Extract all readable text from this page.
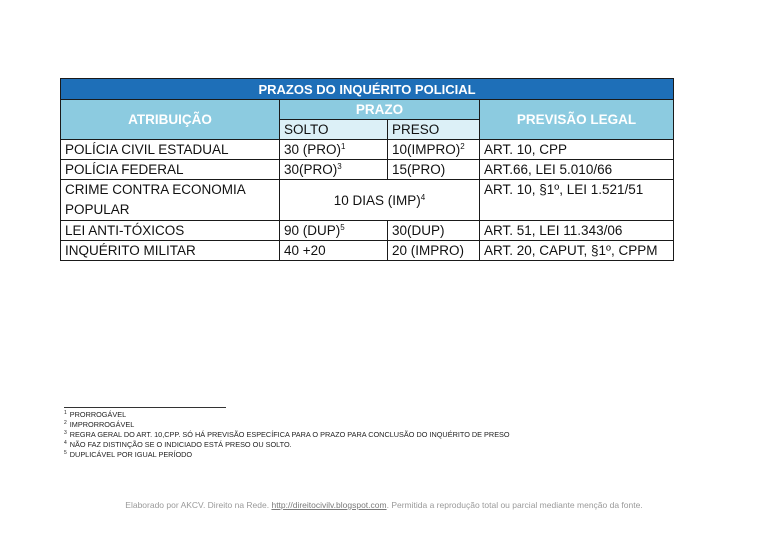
PRAZOS DO INQUÉRITO POLICIAL			
ATRIBUIÇÃO	PRAZO		PREVISÃO LEGAL
	SOLTO	PRESO	
POLÍCIA CIVIL ESTADUAL	30 (PRO)$^1$	10(IMPRO)$^2$	ART. 10, CPP
POLÍCIA FEDERAL	30(PRO)$^3$	15(PRO)	ART.66, LEI 5.010/66
CRIME CONTRA ECONOMIA POPULAR	10 DIAS (IMP)$^4$		ART. 10, §1º, LEI 1.521/51
LEI ANTI-TÓXICOS	90 (DUP)$^5$	30(DUP)	ART. 51, LEI 11.343/06
INQUÉRITO MILITAR	40 +20	20 (IMPRO)	ART. 20, CAPUT, §1º, CPPM
$^1$ PRORROGÁVEL
$^2$ IMPRORROGÁVEL
$^3$ REGRA GERAL DO ART. 10,CPP. SÓ HÁ PREVISÃO ESPECÍFICA PARA O PRAZO PARA CONCLUSÃO DO INQUÉRITO DE PRESO
$^4$ NÃO FAZ DISTINÇÃO SE O INDICIADO ESTÁ PRESO OU SOLTO.
$^5$ DUPLICÁVEL POR IGUAL PERÍODO
Elaborado por AKCV. Direito na Rede. http://direitocivilv.blogspot.com. Permitida a reprodução total ou parcial mediante menção da fonte.
